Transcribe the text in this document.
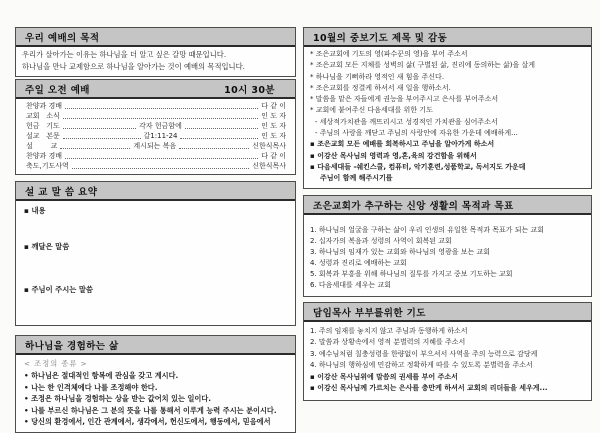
우리 예배의 목적
우리가 살아가는 이유는 하나님을 더 알고 싶은 갈망 때문입니다.
하나님을 만나 교제함으로 하나님을 알아가는 것이 예배의 목적입니다.
주일 오전 예배	10시 30분
찬양과 경배	다 같 이
교회   소식	인 도 자
헌금   기도	각자 헌금함에	인 도 자
설교   본문	갈1:11-24	인 도 자
설        교	계시되는 복음	신한식목사
찬양과 경배	다 같 이
축도,기도사역	신한식목사
설 교 말 씀 요약
▪ 내용
▪ 깨달은 말씀
▪ 주님이 주시는 말씀
하나님을 경험하는 삶
< 조정의 종류 >
• 하나님은 절대적인 항복에 관심을 갖고 계시다.
• 나는 한 인격체에다 나를 조정해야 한다.
• 조정은 하나님을 경험하는 상을 받는 값어치 있는 일이다.
• 나를 부르신 하나님은 그 분의 뜻을 나를 통해서 이루게 능력 주시는 분이시다.
• 당신의 환경에서, 인간 관계에서, 생각에서, 헌신도에서, 행동에서, 믿음에서
10월의 중보기도 제목 및 감동
* 조은교회에 기도의 영(파수꾼의 영)을 부어 주소서
* 조은교회 모든 지체를 성벽의 삶( 구별된 삶, 진리에 동의하는 삶)을 살게
* 하나님을 기뻐하라 영적인 새 힘을 주신다.
* 조은교회를 정결케 하셔서 새 일을 행하소서.
* 말씀을 맡은 자들에게 권능을 부어주시고 은사를 부어주소서
* 교회에 붙여주신 다음세대를 위한 기도
- 세상적가치관을 깨뜨리시고 성경적인 가치관을 심어주소서
- 주님의 사랑을 깨닫고 주님의 사랑안에 자유한 가운데 예배하게...
▪ 조은교회 모든 예배를 회복하시고 주님을 알아가게 하소서
▪ 이강산 목사님의 영력과 영,혼,육의 강건함을 위해서
▪ 다음세대들 -쉐킨스쿨, 컴퓨터, 악기훈련,성품학교, 독서지도 가운데
주님이 함께 해주시기를
조은교회가 추구하는 신앙 생활의 목적과 목표
1. 하나님의 얼굴을 구하는 삶이 우리 인생의 유일한 목적과 목표가 되는 교회
2. 십자가의 복음과 성령의 사역이 회복된 교회
3. 하나님의 임재가 있는 교회와 하나님의 영광을 보는 교회
4. 성령과 진리로 예배하는 교회
5. 회복과 부흥을 위해 하나님의 질투를 가지고 중보 기도하는 교회
6. 다음세대를 세우는 교회
담임목사 부부를위한 기도
1. 주의 임재를 놓치지 않고 주님과 동행하게 하소서
2. 말씀과 상황속에서 영적 분별력의 지혜를 주소서
3. 예수님처럼 칠충성령을 한량없이 부으셔서 사역을 주의 능력으로 감당케
4. 하나님의 행하심에 민감하고 정확하게 따를 수 있도록 분별력을 주소서
▪ 이강산 목사님위에 말씀의 권세를 부어 주소서
▪ 이강신 목사님께 가르치는 은사를 충만케 하셔서 교회의 리더들을 세우게...
